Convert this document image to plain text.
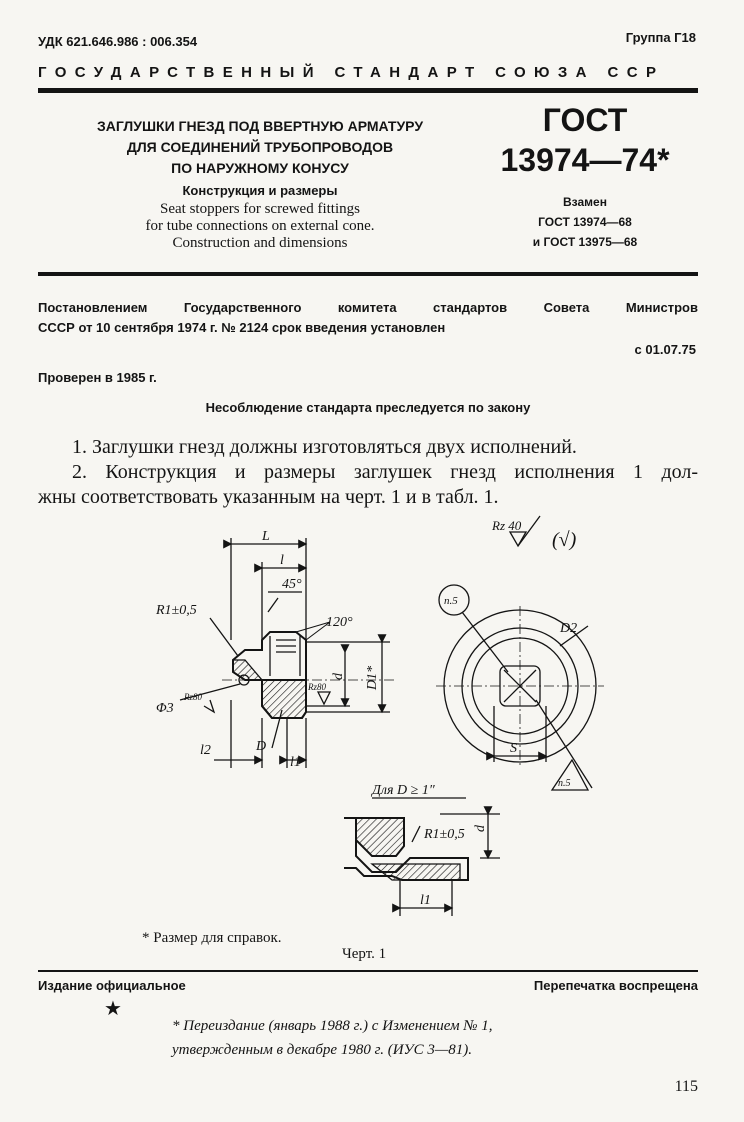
УДК 621.646.986 : 006.354	Группа Г18
ГОСУДАРСТВЕННЫЙ СТАНДАРТ СОЮЗА ССР
ЗАГЛУШКИ ГНЕЗД ПОД ВВЕРТНУЮ АРМАТУРУ
ДЛЯ СОЕДИНЕНИЙ ТРУБОПРОВОДОВ
ПО НАРУЖНОМУ КОНУСУ
Конструкция и размеры
Seat stoppers for screwed fittings
for tube connections on external cone.
Construction and dimensions
ГОСТ
13974—74*
Взамен
ГОСТ 13974—68
и ГОСТ 13975—68
Постановлением Государственного комитета стандартов Совета Министров
СССР от 10 сентября 1974 г. № 2124 срок введения установлен
с 01.07.75
Проверен в 1985 г.
Несоблюдение стандарта преследуется по закону
1. Заглушки гнезд должны изготовляться двух исполнений.
2. Конструкция и размеры заглушек гнезд исполнения 1 дол-
жны соответствовать указанным на черт. 1 и в табл. 1.
L
l
45°
120°
R1±0,5
Φ3
Rz80
Rz80
d D1*
l2	D
l1
Rz 40
(√)
п.5
D2
S
п.5
Для D ≥ 1″
R1±0,5 d
l1
* Размер для справок.
Черт. 1
Издание официальное	Перепечатка воспрещена
★
* Переиздание (январь 1988 г.) с Изменением № 1,
утвержденным в декабре 1980 г. (ИУС 3—81).
115
